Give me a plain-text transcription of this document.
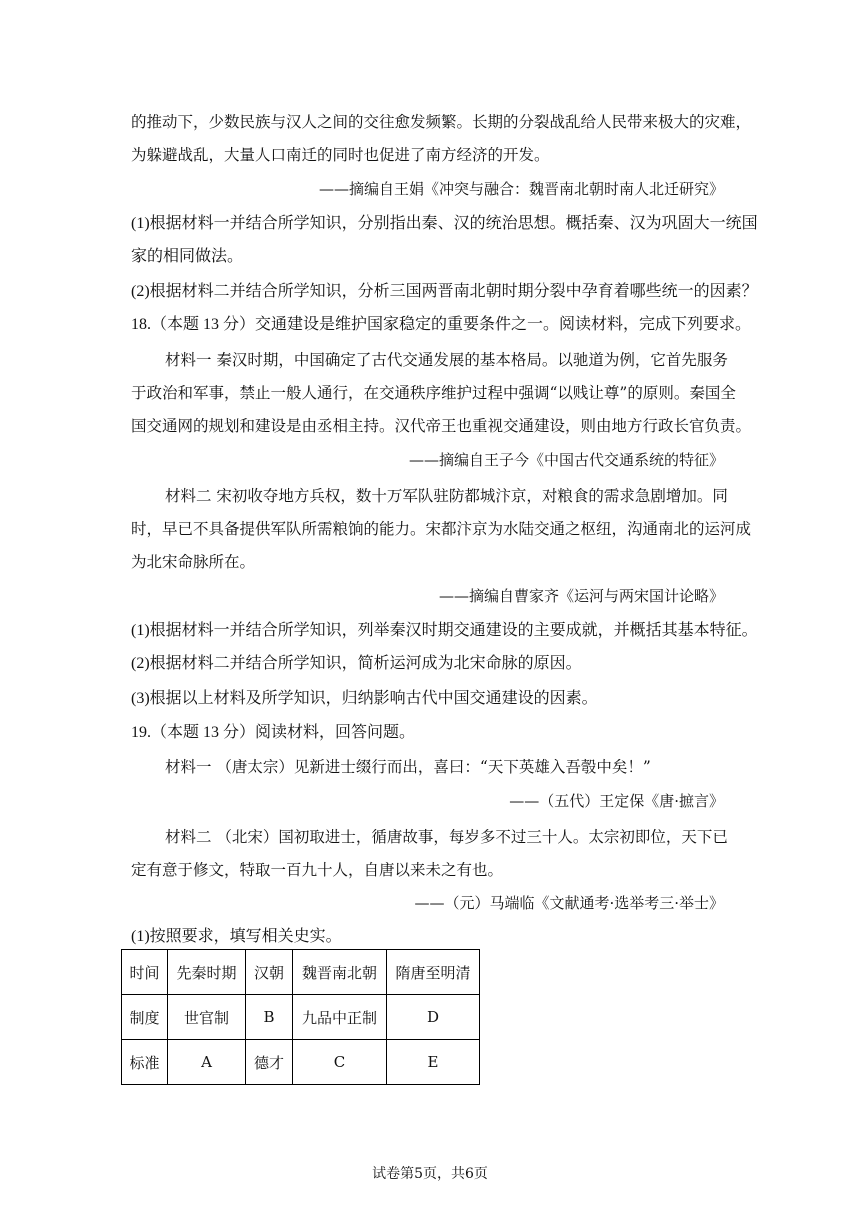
的推动下，少数民族与汉人之间的交往愈发频繁。长期的分裂战乱给人民带来极大的灾难，
为躲避战乱，大量人口南迁的同时也促进了南方经济的开发。
——摘编自王娟《冲突与融合：魏晋南北朝时南人北迁研究》
(1)根据材料一并结合所学知识，分别指出秦、汉的统治思想。概括秦、汉为巩固大一统国
家的相同做法。
(2)根据材料二并结合所学知识，分析三国两晋南北朝时期分裂中孕育着哪些统一的因素？
18.（本题 13 分）交通建设是维护国家稳定的重要条件之一。阅读材料，完成下列要求。
材料一 秦汉时期，中国确定了古代交通发展的基本格局。以驰道为例，它首先服务
于政治和军事，禁止一般人通行，在交通秩序维护过程中强调“以贱让尊”的原则。秦国全
国交通网的规划和建设是由丞相主持。汉代帝王也重视交通建设，则由地方行政长官负责。
——摘编自王子今《中国古代交通系统的特征》
材料二 宋初收夺地方兵权，数十万军队驻防都城汴京，对粮食的需求急剧增加。同
时，早已不具备提供军队所需粮饷的能力。宋都汴京为水陆交通之枢纽，沟通南北的运河成
为北宋命脉所在。
——摘编自曹家齐《运河与两宋国计论略》
(1)根据材料一并结合所学知识，列举秦汉时期交通建设的主要成就，并概括其基本特征。
(2)根据材料二并结合所学知识，简析运河成为北宋命脉的原因。
(3)根据以上材料及所学知识，归纳影响古代中国交通建设的因素。
19.（本题 13 分）阅读材料，回答问题。
材料一 （唐太宗）见新进士缀行而出，喜曰：“天下英雄入吾彀中矣！”
——（五代）王定保《唐·摭言》
材料二 （北宋）国初取进士，循唐故事，每岁多不过三十人。太宗初即位，天下已
定有意于修文，特取一百九十人，自唐以来未之有也。
——（元）马端临《文献通考·选举考三·举士》
(1)按照要求，填写相关史实。
时间	先秦时期	汉朝	魏晋南北朝	隋唐至明清
制度	世官制	B	九品中正制	D
标准	A	德才	C	E
试卷第5页，共6页
